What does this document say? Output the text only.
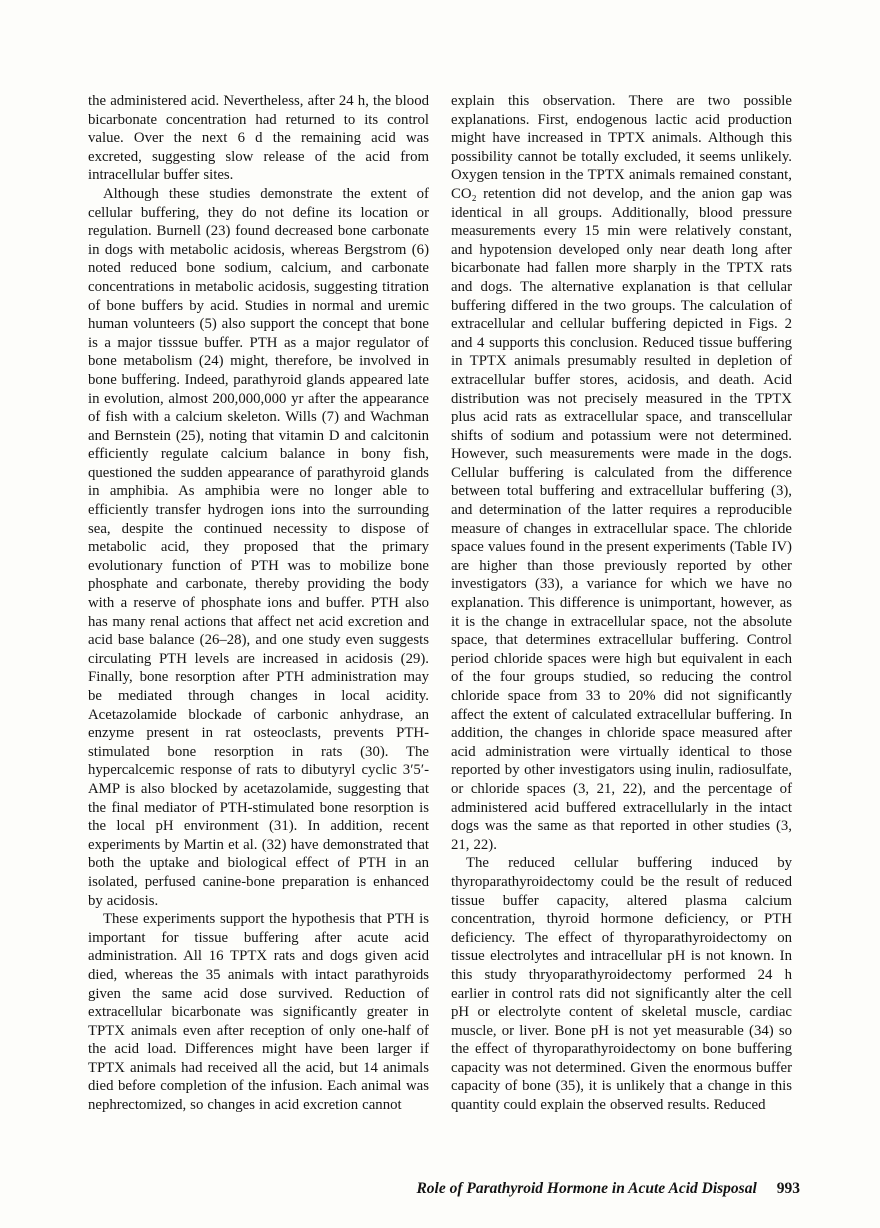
the administered acid. Nevertheless, after 24 h, the blood bicarbonate concentration had returned to its control value. Over the next 6 d the remaining acid was excreted, suggesting slow release of the acid from intracellular buffer sites.

Although these studies demonstrate the extent of cellular buffering, they do not define its location or regulation. Burnell (23) found decreased bone carbonate in dogs with metabolic acidosis, whereas Bergstrom (6) noted reduced bone sodium, calcium, and carbonate concentrations in metabolic acidosis, suggesting titration of bone buffers by acid. Studies in normal and uremic human volunteers (5) also support the concept that bone is a major tisssue buffer. PTH as a major regulator of bone metabolism (24) might, therefore, be involved in bone buffering. Indeed, parathyroid glands appeared late in evolution, almost 200,000,000 yr after the appearance of fish with a calcium skeleton. Wills (7) and Wachman and Bernstein (25), noting that vitamin D and calcitonin efficiently regulate calcium balance in bony fish, questioned the sudden appearance of parathyroid glands in amphibia. As amphibia were no longer able to efficiently transfer hydrogen ions into the surrounding sea, despite the continued necessity to dispose of metabolic acid, they proposed that the primary evolutionary function of PTH was to mobilize bone phosphate and carbonate, thereby providing the body with a reserve of phosphate ions and buffer. PTH also has many renal actions that affect net acid excretion and acid base balance (26–28), and one study even suggests circulating PTH levels are increased in acidosis (29). Finally, bone resorption after PTH administration may be mediated through changes in local acidity. Acetazolamide blockade of carbonic anhydrase, an enzyme present in rat osteoclasts, prevents PTH-stimulated bone resorption in rats (30). The hypercalcemic response of rats to dibutyryl cyclic 3′5′-AMP is also blocked by acetazolamide, suggesting that the final mediator of PTH-stimulated bone resorption is the local pH environment (31). In addition, recent experiments by Martin et al. (32) have demonstrated that both the uptake and biological effect of PTH in an isolated, perfused canine-bone preparation is enhanced by acidosis.

These experiments support the hypothesis that PTH is important for tissue buffering after acute acid administration. All 16 TPTX rats and dogs given acid died, whereas the 35 animals with intact parathyroids given the same acid dose survived. Reduction of extracellular bicarbonate was significantly greater in TPTX animals even after reception of only one-half of the acid load. Differences might have been larger if TPTX animals had received all the acid, but 14 animals died before completion of the infusion. Each animal was nephrectomized, so changes in acid excretion cannot

explain this observation. There are two possible explanations. First, endogenous lactic acid production might have increased in TPTX animals. Although this possibility cannot be totally excluded, it seems unlikely. Oxygen tension in the TPTX animals remained constant, CO₂ retention did not develop, and the anion gap was identical in all groups. Additionally, blood pressure measurements every 15 min were relatively constant, and hypotension developed only near death long after bicarbonate had fallen more sharply in the TPTX rats and dogs. The alternative explanation is that cellular buffering differed in the two groups. The calculation of extracellular and cellular buffering depicted in Figs. 2 and 4 supports this conclusion. Reduced tissue buffering in TPTX animals presumably resulted in depletion of extracellular buffer stores, acidosis, and death. Acid distribution was not precisely measured in the TPTX plus acid rats as extracellular space, and transcellular shifts of sodium and potassium were not determined. However, such measurements were made in the dogs. Cellular buffering is calculated from the difference between total buffering and extracellular buffering (3), and determination of the latter requires a reproducible measure of changes in extracellular space. The chloride space values found in the present experiments (Table IV) are higher than those previously reported by other investigators (33), a variance for which we have no explanation. This difference is unimportant, however, as it is the change in extracellular space, not the absolute space, that determines extracellular buffering. Control period chloride spaces were high but equivalent in each of the four groups studied, so reducing the control chloride space from 33 to 20% did not significantly affect the extent of calculated extracellular buffering. In addition, the changes in chloride space measured after acid administration were virtually identical to those reported by other investigators using inulin, radiosulfate, or chloride spaces (3, 21, 22), and the percentage of administered acid buffered extracellularly in the intact dogs was the same as that reported in other studies (3, 21, 22).

The reduced cellular buffering induced by thyroparathyroidectomy could be the result of reduced tissue buffer capacity, altered plasma calcium concentration, thyroid hormone deficiency, or PTH deficiency. The effect of thyroparathyroidectomy on tissue electrolytes and intracellular pH is not known. In this study thryoparathyroidectomy performed 24 h earlier in control rats did not significantly alter the cell pH or electrolyte content of skeletal muscle, cardiac muscle, or liver. Bone pH is not yet measurable (34) so the effect of thyroparathyroidectomy on bone buffering capacity was not determined. Given the enormous buffer capacity of bone (35), it is unlikely that a change in this quantity could explain the observed results. Reduced

Role of Parathyroid Hormone in Acute Acid Disposal 993
